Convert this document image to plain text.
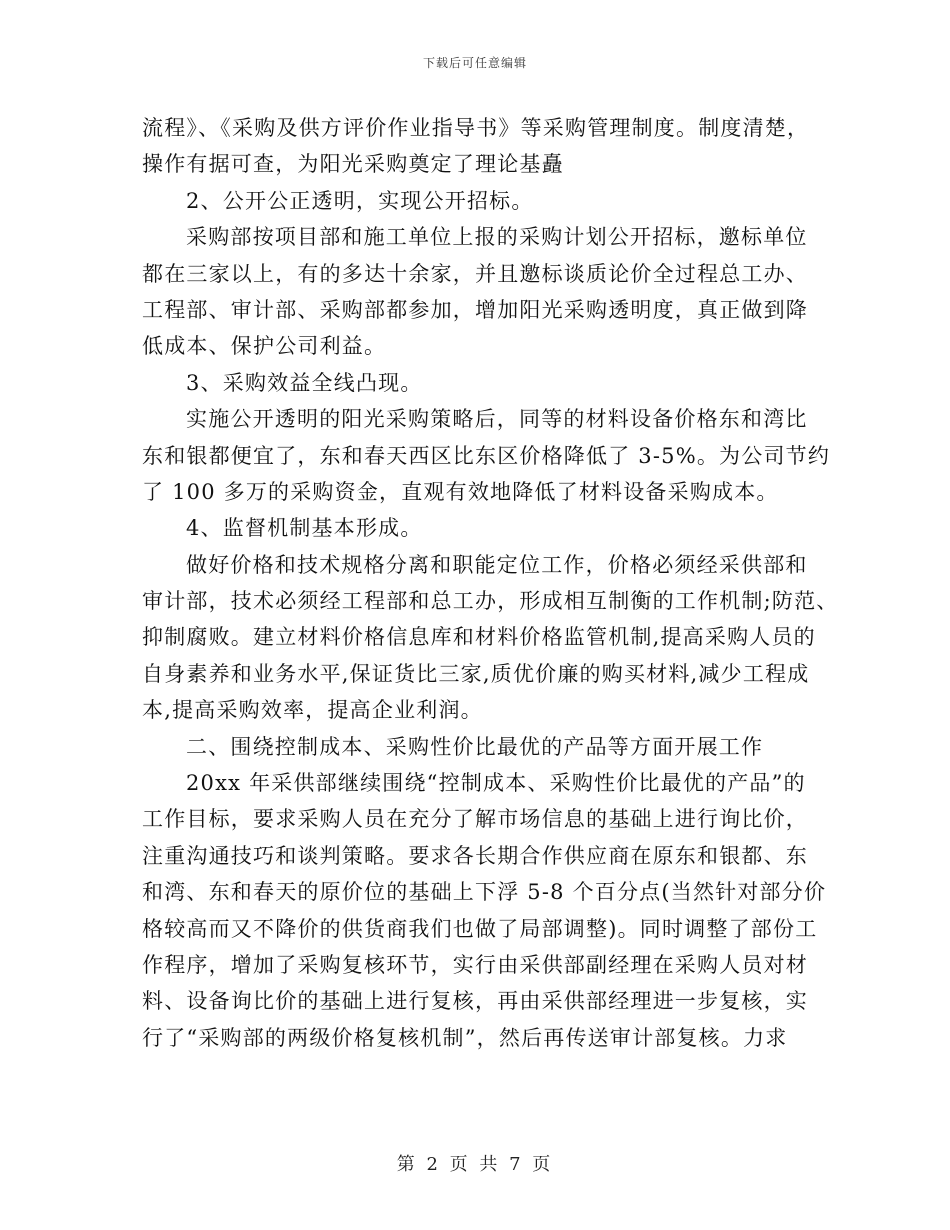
下载后可任意编辑
流程》、《采购及供方评价作业指导书》等采购管理制度。制度清楚，
操作有据可查，为阳光采购奠定了理论基矗
2、公开公正透明，实现公开招标。
采购部按项目部和施工单位上报的采购计划公开招标，邀标单位
都在三家以上，有的多达十余家，并且邀标谈质论价全过程总工办、
工程部、审计部、采购部都参加，增加阳光采购透明度，真正做到降
低成本、保护公司利益。
3、采购效益全线凸现。
实施公开透明的阳光采购策略后，同等的材料设备价格东和湾比
东和银都便宜了，东和春天西区比东区价格降低了 3-5%。为公司节约
了 100 多万的采购资金，直观有效地降低了材料设备采购成本。
4、监督机制基本形成。
做好价格和技术规格分离和职能定位工作，价格必须经采供部和
审计部，技术必须经工程部和总工办，形成相互制衡的工作机制;防范、
抑制腐败。建立材料价格信息库和材料价格监管机制,提高采购人员的
自身素养和业务水平,保证货比三家,质优价廉的购买材料,减少工程成
本,提高采购效率，提高企业利润。
二、围绕控制成本、采购性价比最优的产品等方面开展工作
20xx 年采供部继续围绕“控制成本、采购性价比最优的产品”的
工作目标，要求采购人员在充分了解市场信息的基础上进行询比价，
注重沟通技巧和谈判策略。要求各长期合作供应商在原东和银都、东
和湾、东和春天的原价位的基础上下浮 5-8 个百分点(当然针对部分价
格较高而又不降价的供货商我们也做了局部调整)。同时调整了部份工
作程序，增加了采购复核环节，实行由采供部副经理在采购人员对材
料、设备询比价的基础上进行复核，再由采供部经理进一步复核，实
行了“采购部的两级价格复核机制”，然后再传送审计部复核。力求
第 2 页 共 7 页
